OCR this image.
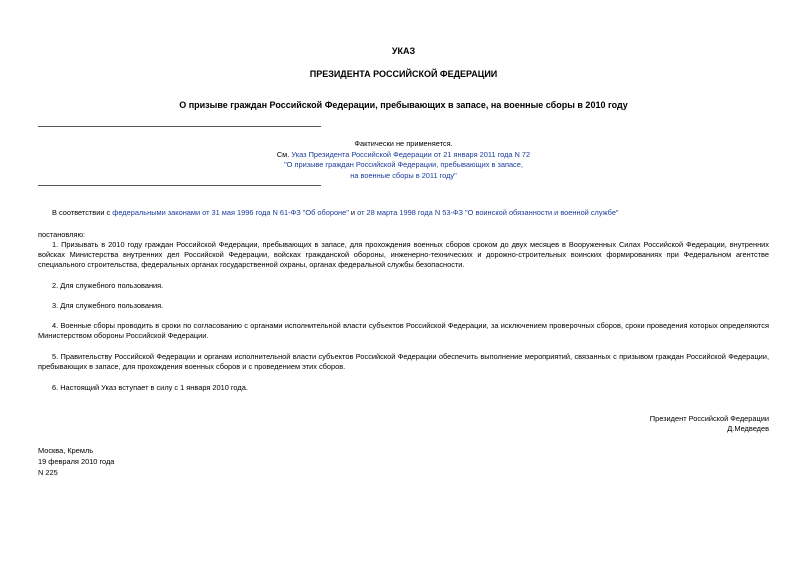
УКАЗ
ПРЕЗИДЕНТА РОССИЙСКОЙ ФЕДЕРАЦИИ
О призыве граждан Российской Федерации, пребывающих в запасе, на военные сборы в 2010 году
Фактически не применяется.
См. Указ Президента Российской Федерации от 21 января 2011 года N 72
"О призыве граждан Российской Федерации, пребывающих в запасе,
на военные сборы в 2011 году"
В соответствии с федеральными законами от 31 мая 1996 года N 61-ФЗ "Об обороне" и от 28 марта 1998 года N 53-ФЗ "О воинской обязанности и военной службе"
постановляю:
1. Призывать в 2010 году граждан Российской Федерации, пребывающих в запасе, для прохождения военных сборов сроком до двух месяцев в Вооруженных Силах Российской Федерации, внутренних войсках Министерства внутренних дел Российской Федерации, войсках гражданской обороны, инженерно-технических и дорожно-строительных воинских формированиях при Федеральном агентстве специального строительства, федеральных органах государственной охраны, органах федеральной службы безопасности.
2. Для служебного пользования.
3. Для служебного пользования.
4. Военные сборы проводить в сроки по согласованию с органами исполнительной власти субъектов Российской Федерации, за исключением проверочных сборов, сроки проведения которых определяются Министерством обороны Российской Федерации.
5. Правительству Российской Федерации и органам исполнительной власти субъектов Российской Федерации обеспечить выполнение мероприятий, связанных с призывом граждан Российской Федерации, пребывающих в запасе, для прохождения военных сборов и с проведением этих сборов.
6. Настоящий Указ вступает в силу с 1 января 2010 года.
Президент Российской Федерации
Д.Медведев
Москва, Кремль
19 февраля 2010 года
N 225
